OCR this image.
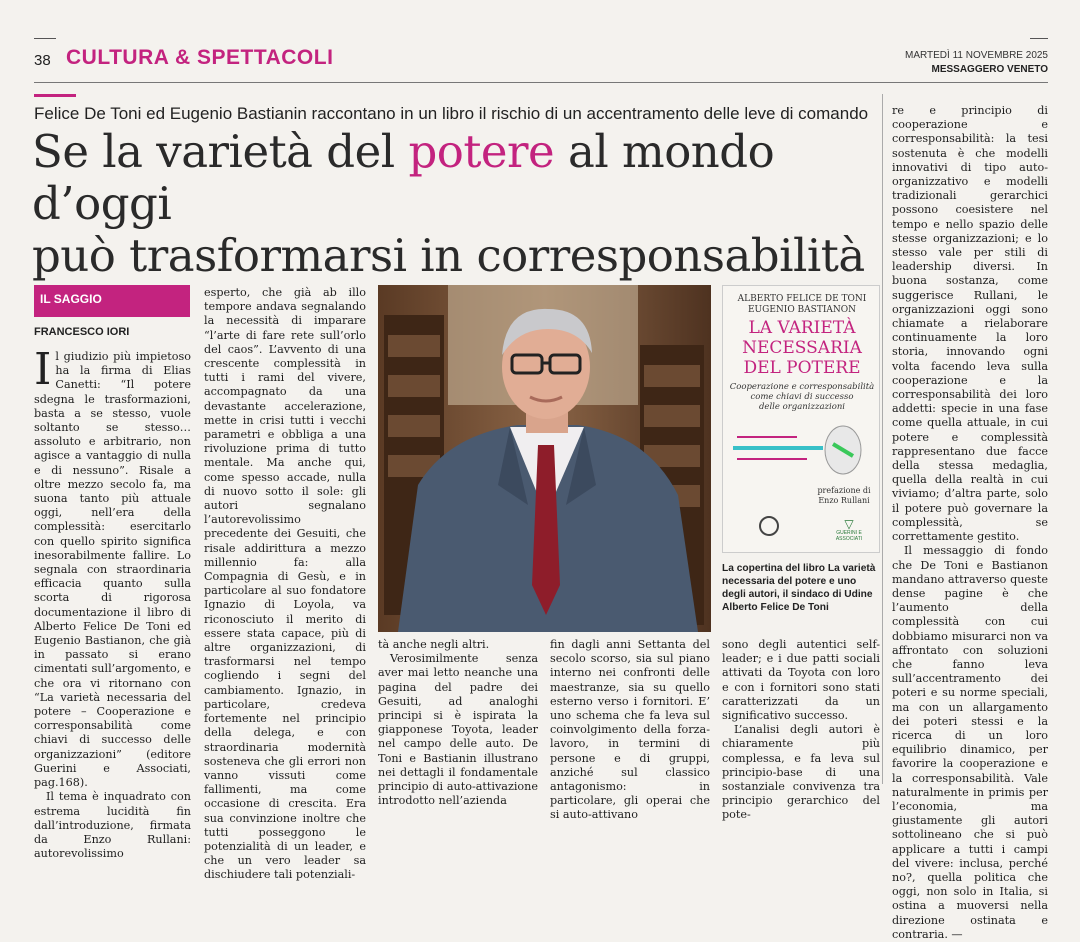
38 CULTURA & SPETTACOLI	MARTEDÌ 11 NOVEMBRE 2025
MESSAGGERO VENETO
Felice De Toni ed Eugenio Bastianin raccontano in un libro il rischio di un accentramento delle leve di comando
Se la varietà del potere al mondo d’oggi
può trasformarsi in corresponsabilità
IL SAGGIO
FRANCESCO IORI

Il giudizio più impietoso ha la firma di Elias Canetti: “Il potere sdegna le trasformazioni, basta a se stesso, vuole soltanto se stesso… assoluto e arbitrario, non agisce a vantaggio di nulla e di nessuno”. Risale a oltre mezzo secolo fa, ma suona tanto più attuale oggi, nell’era della complessità: esercitarlo con quello spirito significa inesorabilmente fallire. Lo segnala con straordinaria efficacia quanto sulla scorta di rigorosa documentazione il libro di Alberto Felice De Toni ed Eugenio Bastianon, che già in passato si erano cimentati sull’argomento, e che ora vi ritornano con “La varietà necessaria del potere – Cooperazione e corresponsabilità come chiavi di successo delle organizzazioni” (editore Guerini e Associati, pag.168).

Il tema è inquadrato con estrema lucidità fin dall’introduzione, firmata da Enzo Rullani: autorevolissimo

esperto, che già ab illo tempore andava segnalando la necessità di imparare “l’arte di fare rete sull’orlo del caos”. L’avvento di una crescente complessità in tutti i rami del vivere, accompagnato da una devastante accelerazione, mette in crisi tutti i vecchi parametri e obbliga a una rivoluzione prima di tutto mentale. Ma anche qui, come spesso accade, nulla di nuovo sotto il sole: gli autori segnalano l’autorevolissimo precedente dei Gesuiti, che risale addirittura a mezzo millennio fa: alla Compagnia di Gesù, e in particolare al suo fondatore Ignazio di Loyola, va riconosciuto il merito di essere stata capace, più di altre organizzazioni, di trasformarsi nel tempo cogliendo i segni del cambiamento. Ignazio, in particolare, credeva fortemente nel principio della delega, e con straordinaria modernità sosteneva che gli errori non vanno vissuti come fallimenti, ma come occasione di crescita. Era sua convinzione inoltre che tutti posseggono le potenzialità di un leader, e che un vero leader sa dischiudere tali potenziali-

ALBERTO FELICE DE TONI
EUGENIO BASTIANON
LA VARIETÀ
NECESSARIA
DEL POTERE
Cooperazione e corresponsabilità
come chiavi di successo
delle organizzazioni
prefazione di
Enzo Rullani
▽
GUERINI E ASSOCIATI
La copertina del libro La varietà necessaria del potere e uno degli autori, il sindaco di Udine Alberto Felice De Toni

tà anche negli altri.

Verosimilmente senza aver mai letto neanche una pagina del padre dei Gesuiti, ad analoghi principi si è ispirata la giapponese Toyota, leader nel campo delle auto. De Toni e Bastianin illustrano nei dettagli il fondamentale principio di auto-attivazione introdotto nell’azienda

fin dagli anni Settanta del secolo scorso, sia sul piano interno nei confronti delle maestranze, sia su quello esterno verso i fornitori. E’ uno schema che fa leva sul coinvolgimento della forza-lavoro, in termini di persone e di gruppi, anziché sul classico antagonismo: in particolare, gli operai che si auto-attivano

sono degli autentici self-leader; e i due patti sociali attivati da Toyota con loro e con i fornitori sono stati caratterizzati da un significativo successo.

L’analisi degli autori è chiaramente più complessa, e fa leva sul principio-base di una sostanziale convivenza tra principio gerarchico del pote-

re e principio di cooperazione e corresponsabilità: la tesi sostenuta è che modelli innovativi di tipo auto-organizzativo e modelli tradizionali gerarchici possono coesistere nel tempo e nello spazio delle stesse organizzazioni; e lo stesso vale per stili di leadership diversi. In buona sostanza, come suggerisce Rullani, le organizzazioni oggi sono chiamate a rielaborare continuamente la loro storia, innovando ogni volta facendo leva sulla cooperazione e la corresponsabilità dei loro addetti: specie in una fase come quella attuale, in cui potere e complessità rappresentano due facce della stessa medaglia, quella della realtà in cui viviamo; d’altra parte, solo il potere può governare la complessità, se correttamente gestito.

Il messaggio di fondo che De Toni e Bastianon mandano attraverso queste dense pagine è che l’aumento della complessità con cui dobbiamo misurarci non va affrontato con soluzioni che fanno leva sull’accentramento dei poteri e su norme speciali, ma con un allargamento dei poteri stessi e la ricerca di un loro equilibrio dinamico, per favorire la cooperazione e la corresponsabilità. Vale naturalmente in primis per l’economia, ma giustamente gli autori sottolineano che si può applicare a tutti i campi del vivere: inclusa, perché no?, quella politica che oggi, non solo in Italia, si ostina a muoversi nella direzione ostinata e contraria. —
